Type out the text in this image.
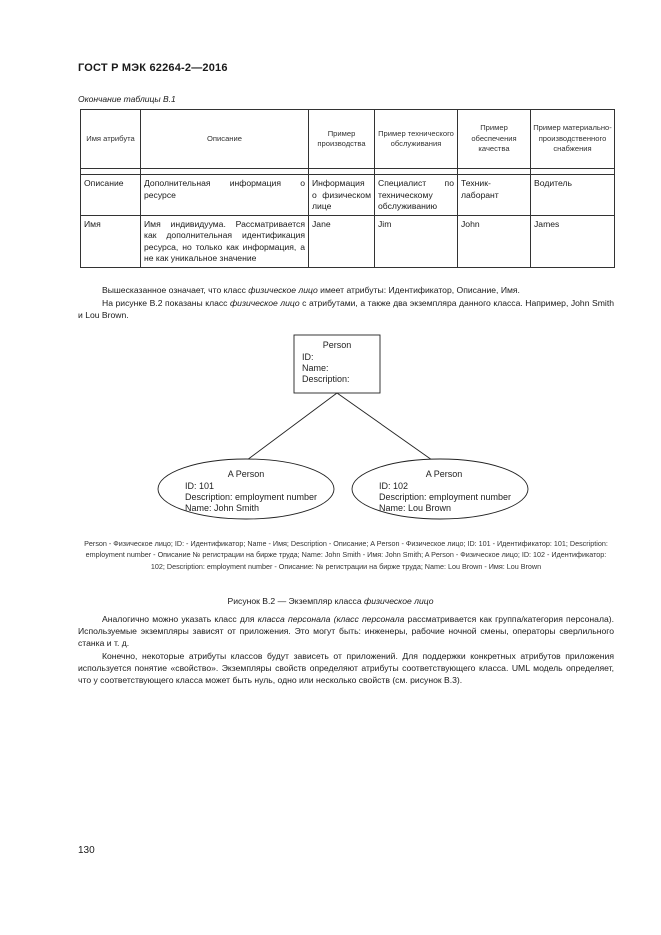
ГОСТ Р МЭК 62264-2—2016
Окончание таблицы В.1
Имя атрибута	Описание	Пример производства	Пример технического обслуживания	Пример обеспечения качества	Пример материально-производственного снабжения

Описание	Дополнительная информация о ресурсе	Информация о физическом лице	Специалист по техническому обслуживанию	Техник-лаборант	Водитель
Имя	Имя индивидуума. Рассматривается как дополнительная идентификация ресурса, но только как информация, а не как уникальное значение	Jane	Jim	John	James

Вышесказанное означает, что класс физическое лицо имеет атрибуты: Идентификатор, Описание, Имя.

На рисунке В.2 показаны класс физическое лицо с атрибутами, а также два экземпляра данного класса. Например, John Smith и Lou Brown.

Person
ID:
Name:
Description:
A Person
ID: 101
Description: employment number
Name: John Smith
A Person
ID: 102
Description: employment number
Name: Lou Brown

Person - Физическое лицо; ID: - Идентификатор; Name - Имя; Description - Описание; A Person - Физическое лицо; ID: 101 - Идентификатор: 101; Description: employment number - Описание № регистрации на бирже труда; Name: John Smith - Имя: John Smith; A Person - Физическое лицо; ID: 102 - Идентификатор: 102; Description: employment number - Описание: № регистрации на бирже труда; Name: Lou Brown - Имя: Lou Brown

Рисунок В.2 — Экземпляр класса физическое лицо

Аналогично можно указать класс для класса персонала (класс персонала рассматривается как группа/категория персонала). Используемые экземпляры зависят от приложения. Это могут быть: инженеры, рабочие ночной смены, операторы сверлильного станка и т. д.

Конечно, некоторые атрибуты классов будут зависеть от приложений. Для поддержки конкретных атрибутов приложения используется понятие «свойство». Экземпляры свойств определяют атрибуты соответствующего класса. UML модель определяет, что у соответствующего класса может быть нуль, одно или несколько свойств (см. рисунок В.3).

130
